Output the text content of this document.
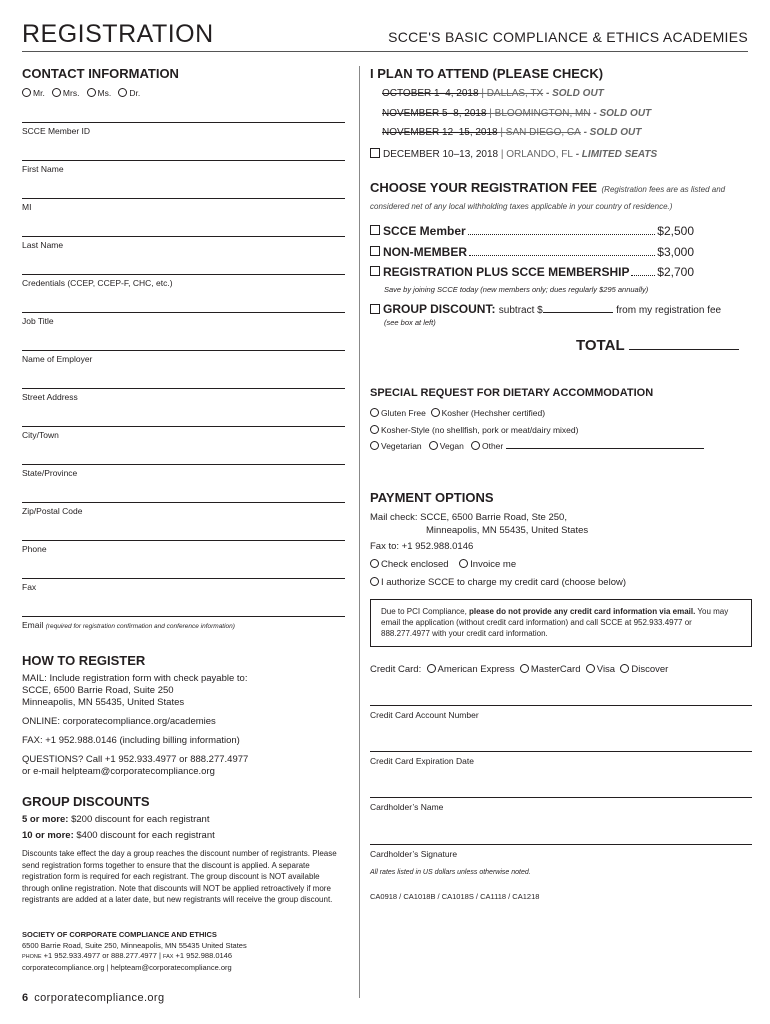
REGISTRATION	SCCE'S BASIC COMPLIANCE & ETHICS ACADEMIES
CONTACT INFORMATION
Mr. Mrs. Ms. Dr.
SCCE Member ID
First Name
MI
Last Name
Credentials (CCEP, CCEP-F, CHC, etc.)
Job Title
Name of Employer
Street Address
City/Town
State/Province
Zip/Postal Code
Phone
Fax
Email (required for registration confirmation and conference information)
HOW TO REGISTER
MAIL: Include registration form with check payable to:
SCCE, 6500 Barrie Road, Suite 250
Minneapolis, MN 55435, United States
ONLINE: corporatecompliance.org/academies
FAX: +1 952.988.0146 (including billing information)
QUESTIONS? Call +1 952.933.4977 or 888.277.4977
or e-mail helpteam@corporatecompliance.org
GROUP DISCOUNTS
5 or more: $200 discount for each registrant
10 or more: $400 discount for each registrant
Discounts take effect the day a group reaches the discount number of registrants. Please send registration forms together to ensure that the discount is applied. A separate registration form is required for each registrant. The group discount is NOT available through online registration. Note that discounts will NOT be applied retroactively if more registrants are added at a later date, but new registrants will receive the group discount.
SOCIETY OF CORPORATE COMPLIANCE AND ETHICS
6500 Barrie Road, Suite 250, Minneapolis, MN 55435 United States
PHONE +1 952.933.4977 or 888.277.4977 | FAX +1 952.988.0146
corporatecompliance.org | helpteam@corporatecompliance.org
6 corporatecompliance.org
I PLAN TO ATTEND (PLEASE CHECK)
OCTOBER 1–4, 2018 | DALLAS, TX - SOLD OUT
NOVEMBER 5–8, 2018 | BLOOMINGTON, MN - SOLD OUT
NOVEMBER 12–15, 2018 | SAN DIEGO, CA - SOLD OUT
DECEMBER 10–13, 2018 | ORLANDO, FL - LIMITED SEATS
CHOOSE YOUR REGISTRATION FEE (Registration fees are as listed and considered net of any local withholding taxes applicable in your country of residence.)
SCCE Member	$2,500
NON-MEMBER	$3,000
REGISTRATION PLUS SCCE MEMBERSHIP $2,700
Save by joining SCCE today (new members only; dues regularly $295 annually)
GROUP DISCOUNT: subtract $	from my registration fee
(see box at left)
TOTAL
SPECIAL REQUEST FOR DIETARY ACCOMMODATION
Gluten Free Kosher (Hechsher certified)
Kosher-Style (no shellfish, pork or meat/dairy mixed)
Vegetarian Vegan Other
PAYMENT OPTIONS
Mail check: SCCE, 6500 Barrie Road, Ste 250,
Minneapolis, MN 55435, United States
Fax to: +1 952.988.0146
Check enclosed Invoice me
I authorize SCCE to charge my credit card (choose below)
Due to PCI Compliance, please do not provide any credit card information via email. You may email the application (without credit card information) and call SCCE at 952.933.4977 or 888.277.4977 with your credit card information.
Credit Card: American Express MasterCard Visa Discover
Credit Card Account Number
Credit Card Expiration Date
Cardholder’s Name
Cardholder’s Signature
All rates listed in US dollars unless otherwise noted.
CA0918 / CA1018B / CA1018S / CA1118 / CA1218
